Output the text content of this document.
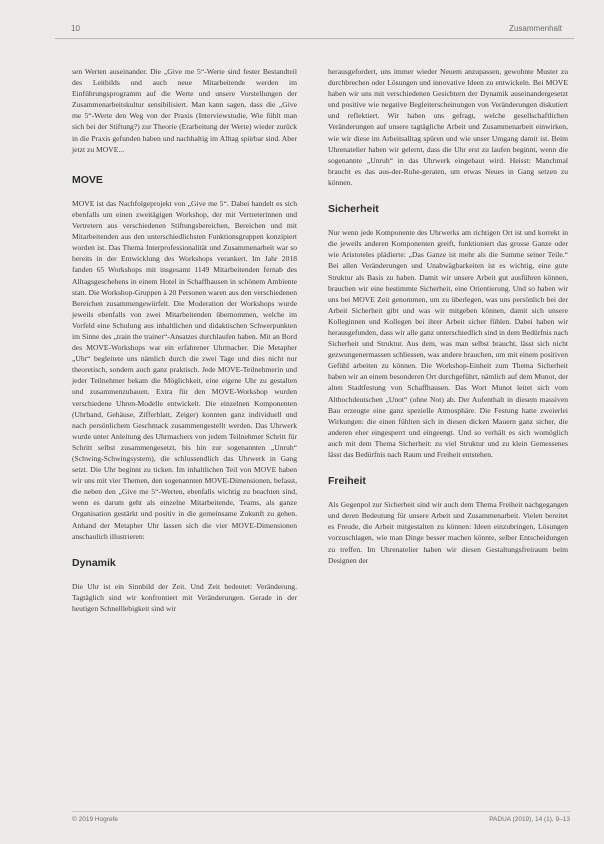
10	Zusammenhalt

sen Werten auseinander. Die „Give me 5“-Werte sind fester Bestandteil des Leitbilds und auch neue Mitarbeitende werden im Einführungsprogramm auf die Werte und unsere Vorstellungen der Zusammenarbeitskultur sensibilisiert. Man kann sagen, dass die „Give me 5“-Werte den Weg von der Praxis (Interviewstudie, Wie fühlt man sich bei der Stiftung?) zur Theorie (Erarbeitung der Werte) wieder zurück in die Praxis gefunden haben und nachhaltig im Alltag spürbar sind. Aber jetzt zu MOVE...

MOVE

MOVE ist das Nachfolgeprojekt von „Give me 5“. Dabei handelt es sich ebenfalls um einen zweitägigen Workshop, der mit Vertreterinnen und Vertretern aus verschiedenen Stiftungsbereichen, Bereichen und mit Mitarbeitenden aus den unterschiedlichsten Funktionsgruppen konzipiert worden ist. Das Thema Interprofessionalität und Zusammenarbeit war so bereits in der Entwicklung des Workshops verankert. Im Jahr 2018 fanden 65 Workshops mit insgesamt 1149 Mitarbeitenden fernab des Alltagsgeschehens in einem Hotel in Schaffhausen in schönem Ambiente statt. Die Workshop-Gruppen à 20 Personen waren aus den verschiedenen Bereichen zusammengewürfelt. Die Moderation der Workshops wurde jeweils ebenfalls von zwei Mitarbeitenden übernommen, welche im Vorfeld eine Schulung aus inhaltlichen und didaktischen Schwerpunkten im Sinne des „train the trainer“-Ansatzes durchlaufen haben. Mit an Bord des MOVE-Workshops war ein erfahrener Uhrmacher. Die Metapher „Uhr“ begleitete uns nämlich durch die zwei Tage und dies nicht nur theoretisch, sondern auch ganz praktisch. Jede MOVE-Teilnehmerin und jeder Teilnehmer bekam die Möglichkeit, eine eigene Uhr zu gestalten und zusammenzubauen. Extra für den MOVE-Workshop wurden verschiedene Uhren-Modelle entwickelt. Die einzelnen Komponenten (Uhrband, Gehäuse, Zifferblatt, Zeiger) konnten ganz individuell und nach persönlichem Geschmack zusammengestellt werden. Das Uhrwerk wurde unter Anleitung des Uhrmachers von jedem Teilnehmer Schritt für Schritt selbst zusammengesetzt, bis hin zur sogenannten „Unruh“ (Schwing-Schwingsystem), die schlussendlich das Uhrwerk in Gang setzt. Die Uhr beginnt zu ticken. Im inhaltlichen Teil von MOVE haben wir uns mit vier Themen, den sogenannten MOVE-Dimensionen, befasst, die neben den „Give me 5“-Werten, ebenfalls wichtig zu beachten sind, wenn es darum geht als einzelne Mitarbeitende, Teams, als ganze Organisation gestärkt und positiv in die gemeinsame Zukunft zu gehen. Anhand der Metapher Uhr lassen sich die vier MOVE-Dimensionen anschaulich illustrieren:

Dynamik

Die Uhr ist ein Sinnbild der Zeit. Und Zeit bedeutet: Veränderung. Tagtäglich sind wir konfrontiert mit Veränderungen. Gerade in der heutigen Schnelllebigkeit sind wir

herausgefordert, uns immer wieder Neuem anzupassen, gewohnte Muster zu durchbrechen oder Lösungen und innovative Ideen zu entwickeln. Bei MOVE haben wir uns mit verschiedenen Gesichtern der Dynamik auseinandergesetzt und positive wie negative Begleiterscheinungen von Veränderungen diskutiert und reflektiert. Wir haben uns gefragt, welche gesellschaftlichen Veränderungen auf unsere tagtägliche Arbeit und Zusammenarbeit einwirken, wie wir diese im Arbeitsalltag spüren und wie unser Umgang damit ist. Beim Uhrenatelier haben wir gelernt, dass die Uhr erst zu laufen beginnt, wenn die sogenannte „Unruh“ in das Uhrwerk eingebaut wird. Heisst: Manchmal braucht es das aus-der-Ruhe-geraten, um etwas Neues in Gang setzen zu können.

Sicherheit

Nur wenn jede Komponente des Uhrwerks am richtigen Ort ist und korrekt in die jeweils anderen Komponenten greift, funktioniert das grosse Ganze oder wie Aristoteles plädierte: „Das Ganze ist mehr als die Summe seiner Teile.“ Bei allen Veränderungen und Unabwägbarkeiten ist es wichtig, eine gute Struktur als Basis zu haben. Damit wir unsere Arbeit gut ausführen können, brauchen wir eine bestimmte Sicherheit, eine Orientierung. Und so haben wir uns bei MOVE Zeit genommen, um zu überlegen, was uns persönlich bei der Arbeit Sicherheit gibt und was wir mitgeben können, damit sich unsere Kolleginnen und Kollegen bei ihrer Arbeit sicher fühlen. Dabei haben wir herausgefunden, dass wir alle ganz unterschiedlich sind in dem Bedürfnis nach Sicherheit und Struktur. Aus dem, was man selbst braucht, lässt sich nicht gezwungenermassen schliessen, was andere brauchen, um mit einem positiven Gefühl arbeiten zu können. Die Workshop-Einheit zum Thema Sicherheit haben wir an einem besonderen Ort durchgeführt, nämlich auf dem Munot, der alten Stadtfestung von Schaffhausen. Das Wort Munot leitet sich vom Althochdeutschen „Unot“ (ohne Not) ab. Der Aufenthalt in diesem massiven Bau erzeugte eine ganz spezielle Atmosphäre. Die Festung hatte zweierlei Wirkungen: die einen fühlten sich in diesen dicken Mauern ganz sicher, die anderen eher eingesperrt und eingeengt. Und so verhält es sich womöglich auch mit dem Thema Sicherheit: zu viel Struktur und zu klein Gemessenes lässt das Bedürfnis nach Raum und Freiheit entstehen.

Freiheit

Als Gegenpol zur Sicherheit sind wir auch dem Thema Freiheit nachgegangen und deren Bedeutung für unsere Arbeit und Zusammenarbeit. Vielen bereitet es Freude, die Arbeit mitgestalten zu können: Ideen einzubringen, Lösungen vorzuschlagen, wie man Dinge besser machen könnte, selber Entscheidungen zu treffen. Im Uhrenatelier haben wir diesen Gestaltungsfreiraum beim Designen der

© 2019 Hogrefe	PADUA (2019), 14 (1), 9–13
